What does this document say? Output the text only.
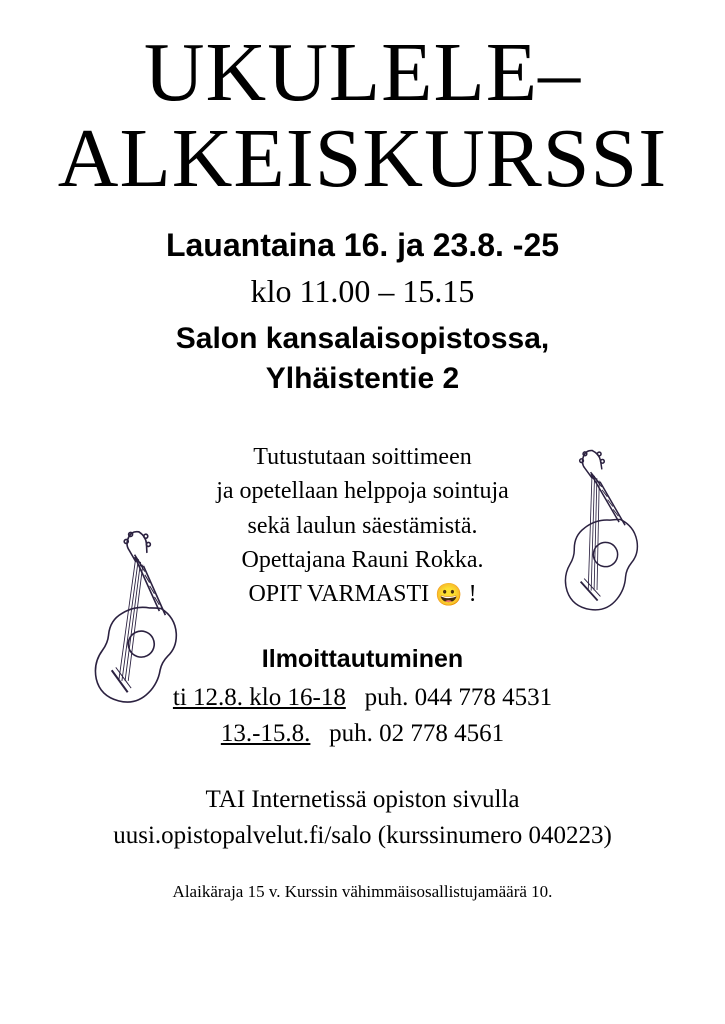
UKULELE–
ALKEISKURSSI
Lauantaina 16. ja 23.8. -25
klo 11.00 – 15.15
Salon kansalaisopistossa,
Ylhäistentie 2
Tutustutaan soittimeen
ja opetellaan helppoja sointuja
sekä laulun säestämistä.
Opettajana Rauni Rokka.
OPIT VARMASTI 😀 !
Ilmoittautuminen
ti 12.8. klo 16-18 puh. 044 778 4531
13.-15.8. puh. 02 778 4561
TAI Internetissä opiston sivulla
uusi.opistopalvelut.fi/salo (kurssinumero 040223)
Alaikäraja 15 v. Kurssin vähimmäisosallistujamäärä 10.
